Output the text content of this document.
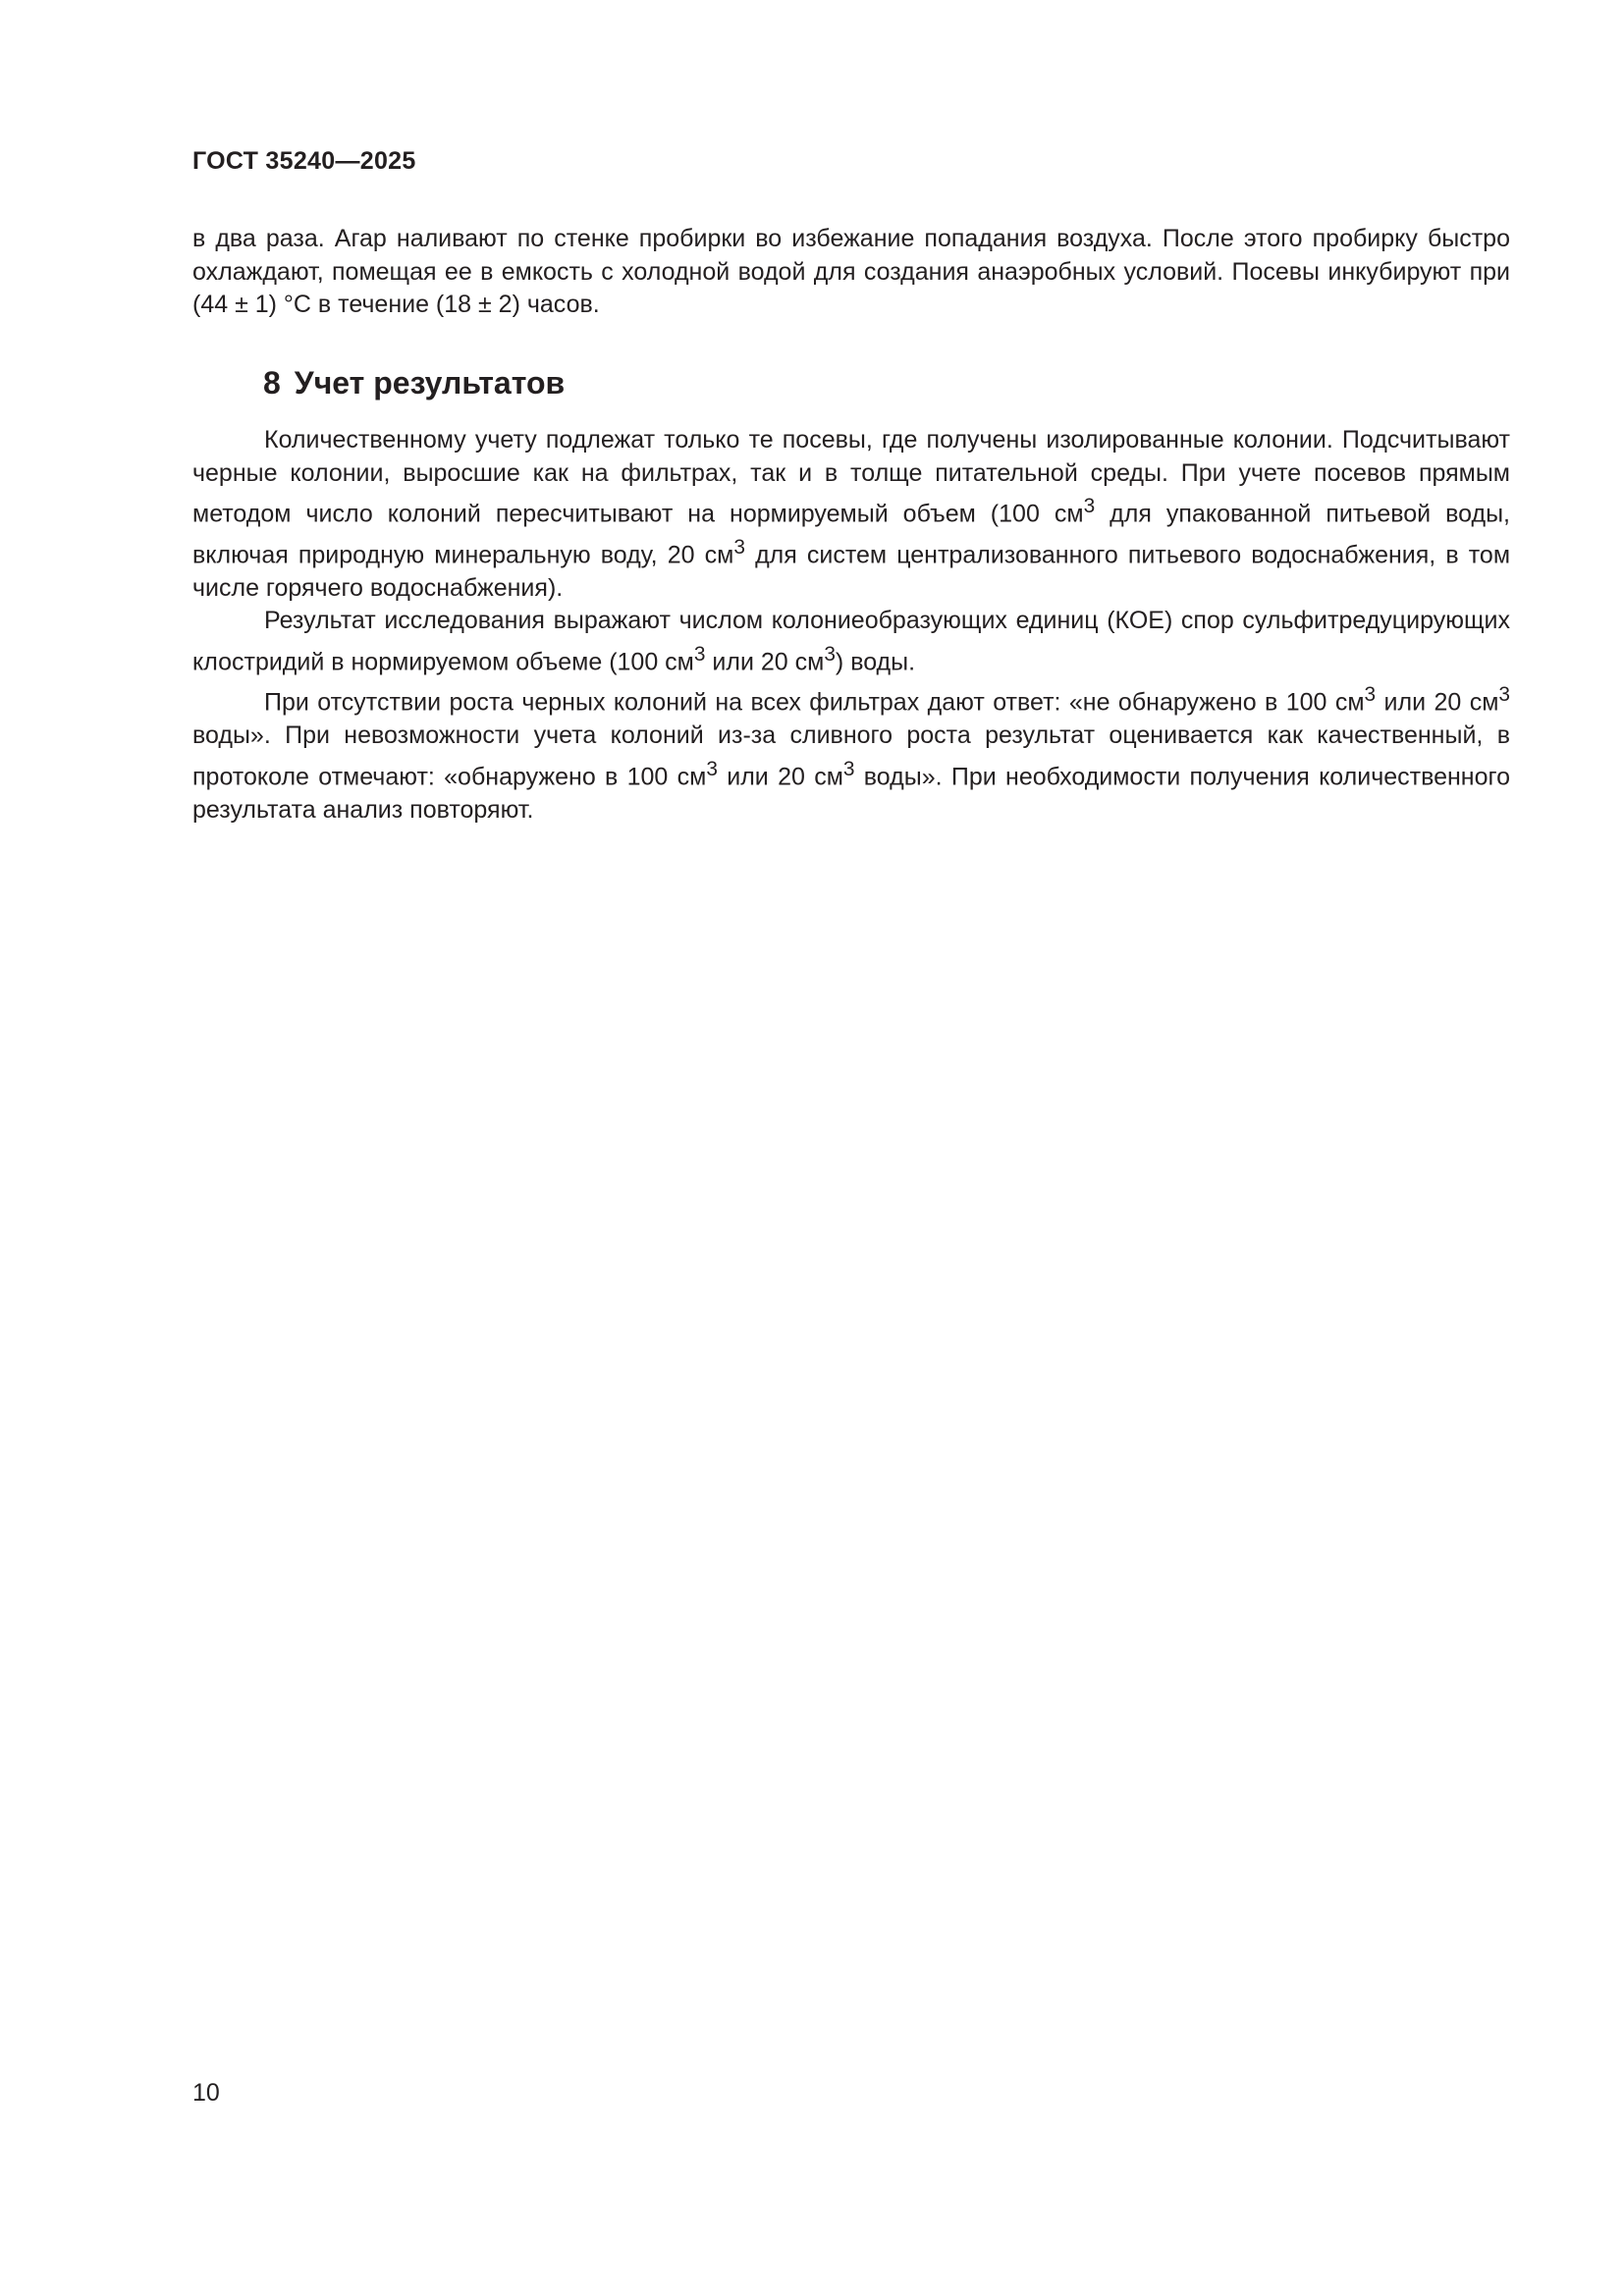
ГОСТ 35240—2025

в два раза. Агар наливают по стенке пробирки во избежание попадания воздуха. После этого пробирку быстро охлаждают, помещая ее в емкость с холодной водой для создания анаэробных условий. Посевы инкубируют при (44 ± 1) °С в течение (18 ± 2) часов.

8 Учет результатов

Количественному учету подлежат только те посевы, где получены изолированные колонии. Подсчитывают черные колонии, выросшие как на фильтрах, так и в толще питательной среды. При учете посевов прямым методом число колоний пересчитывают на нормируемый объем (100 $см^3$ для упакованной питьевой воды, включая природную минеральную воду, 20 $см^3$ для систем централизованного питьевого водоснабжения, в том числе горячего водоснабжения).

Результат исследования выражают числом колониеобразующих единиц (КОЕ) спор сульфитредуцирующих клостридий в нормируемом объеме (100 $см^3$ или 20 $см^3$) воды.

При отсутствии роста черных колоний на всех фильтрах дают ответ: «не обнаружено в 100 $см^3$ или 20 $см^3$ воды». При невозможности учета колоний из-за сливного роста результат оценивается как качественный, в протоколе отмечают: «обнаружено в 100 $см^3$ или 20 $см^3$ воды». При необходимости получения количественного результата анализ повторяют.

10
